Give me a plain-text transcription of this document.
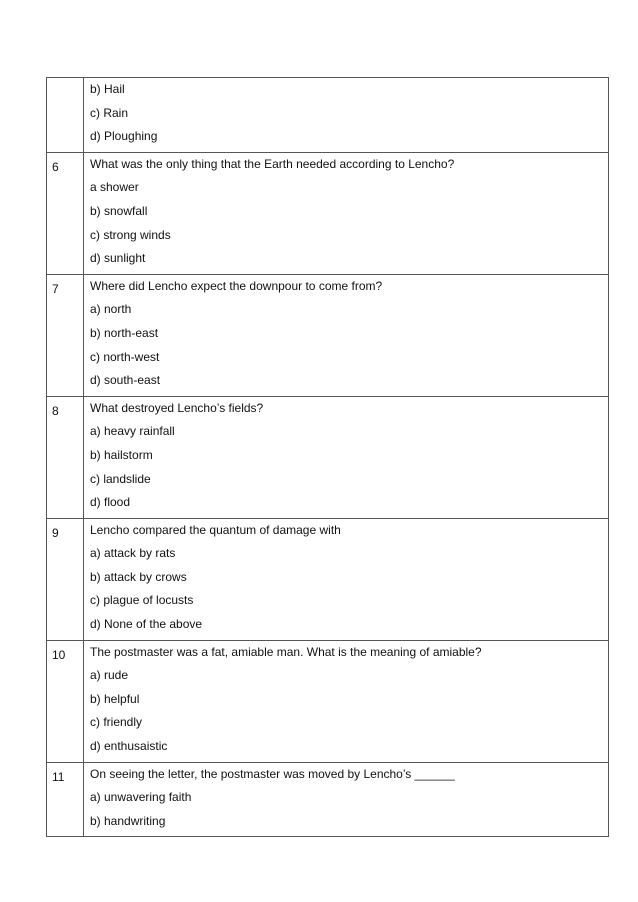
	b) Hail
c) Rain
d) Ploughing

6	What was the only thing that the Earth needed according to Lencho?
a shower
b) snowfall
c) strong winds
d) sunlight

7	Where did Lencho expect the downpour to come from?
a) north
b) north-east
c) north-west
d) south-east

8	What destroyed Lencho’s fields?
a) heavy rainfall
b) hailstorm
c) landslide
d) flood

9	Lencho compared the quantum of damage with
a) attack by rats
b) attack by crows
c) plague of locusts
d) None of the above

10	The postmaster was a fat, amiable man. What is the meaning of amiable?
a) rude
b) helpful
c) friendly
d) enthusaistic

11	On seeing the letter, the postmaster was moved by Lencho’s ______
a) unwavering faith
b) handwriting
